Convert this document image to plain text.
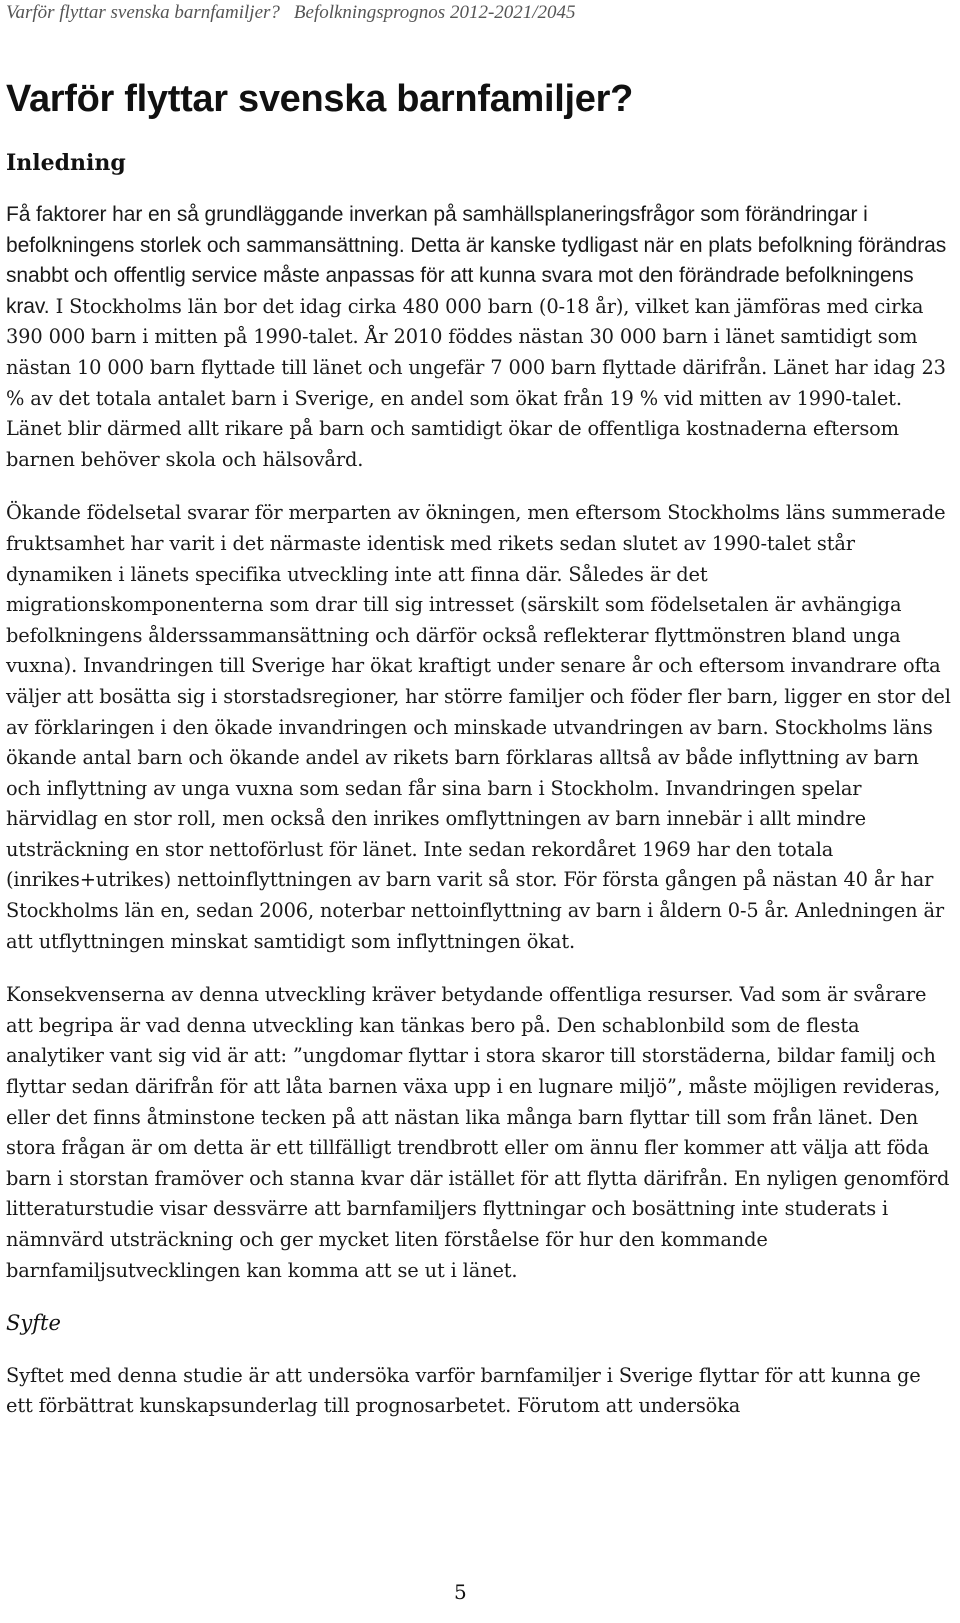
Varför flyttar svenska barnfamiljer? Befolkningsprognos 2012-2021/2045
Varför flyttar svenska barnfamiljer?
Inledning

Få faktorer har en så grundläggande inverkan på samhällsplaneringsfrågor som förändringar i befolkningens storlek och sammansättning. Detta är kanske tydligast när en plats befolkning förändras snabbt och offentlig service måste anpassas för att kunna svara mot den förändrade befolkningens krav. I Stockholms län bor det idag cirka 480 000 barn (0-18 år), vilket kan jämföras med cirka 390 000 barn i mitten på 1990-talet. År 2010 föddes nästan 30 000 barn i länet samtidigt som nästan 10 000 barn flyttade till länet och ungefär 7 000 barn flyttade därifrån. Länet har idag 23 % av det totala antalet barn i Sverige, en andel som ökat från 19 % vid mitten av 1990-talet. Länet blir därmed allt rikare på barn och samtidigt ökar de offentliga kostnaderna eftersom barnen behöver skola och hälsovård.

Ökande födelsetal svarar för merparten av ökningen, men eftersom Stockholms läns summerade fruktsamhet har varit i det närmaste identisk med rikets sedan slutet av 1990-talet står dynamiken i länets specifika utveckling inte att finna där. Således är det migrationskomponenterna som drar till sig intresset (särskilt som födelsetalen är avhängiga befolkningens ålderssammansättning och därför också reflekterar flyttmönstren bland unga vuxna). Invandringen till Sverige har ökat kraftigt under senare år och eftersom invandrare ofta väljer att bosätta sig i storstadsregioner, har större familjer och föder fler barn, ligger en stor del av förklaringen i den ökade invandringen och minskade utvandringen av barn. Stockholms läns ökande antal barn och ökande andel av rikets barn förklaras alltså av både inflyttning av barn och inflyttning av unga vuxna som sedan får sina barn i Stockholm. Invandringen spelar härvidlag en stor roll, men också den inrikes omflyttningen av barn innebär i allt mindre utsträckning en stor nettoförlust för länet. Inte sedan rekordåret 1969 har den totala (inrikes+utrikes) nettoinflyttningen av barn varit så stor. För första gången på nästan 40 år har Stockholms län en, sedan 2006, noterbar nettoinflyttning av barn i åldern 0-5 år. Anledningen är att utflyttningen minskat samtidigt som inflyttningen ökat.

Konsekvenserna av denna utveckling kräver betydande offentliga resurser. Vad som är svårare att begripa är vad denna utveckling kan tänkas bero på. Den schablonbild som de flesta analytiker vant sig vid är att: ”ungdomar flyttar i stora skaror till storstäderna, bildar familj och flyttar sedan därifrån för att låta barnen växa upp i en lugnare miljö”, måste möjligen revideras, eller det finns åtminstone tecken på att nästan lika många barn flyttar till som från länet. Den stora frågan är om detta är ett tillfälligt trendbrott eller om ännu fler kommer att välja att föda barn i storstan framöver och stanna kvar där istället för att flytta därifrån. En nyligen genomförd litteraturstudie visar dessvärre att barnfamiljers flyttningar och bosättning inte studerats i nämnvärd utsträckning och ger mycket liten förståelse för hur den kommande barnfamiljsutvecklingen kan komma att se ut i länet.

Syfte

Syftet med denna studie är att undersöka varför barnfamiljer i Sverige flyttar för att kunna ge ett förbättrat kunskapsunderlag till prognosarbetet. Förutom att undersöka

5
